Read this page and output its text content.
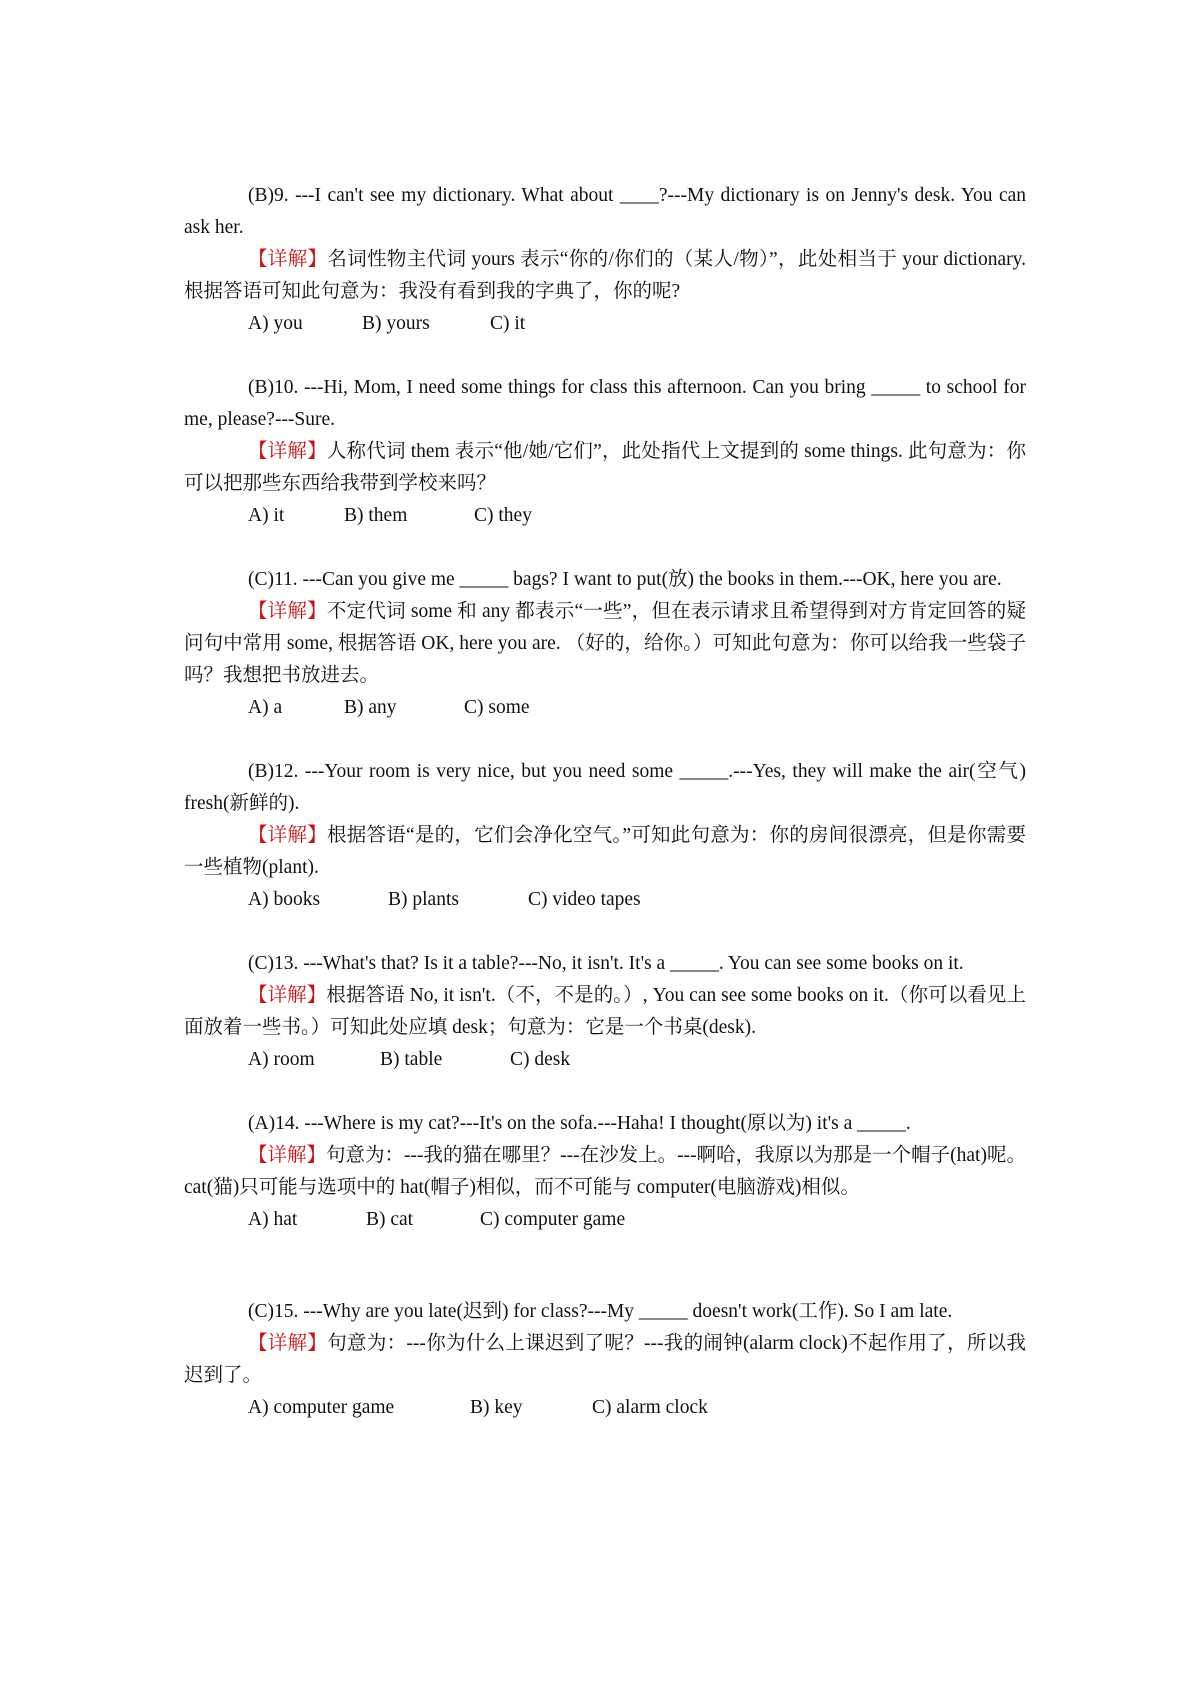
(B)9. ---I can't see my dictionary. What about ____?---My dictionary is on Jenny's desk. You can ask her.

【详解】名词性物主代词 yours 表示“你的/你们的（某人/物）”，此处相当于 your dictionary. 根据答语可知此句意为：我没有看到我的字典了，你的呢?

A) you	B) yours	C) it

(B)10. ---Hi, Mom, I need some things for class this afternoon. Can you bring _____ to school for me, please?---Sure.

【详解】人称代词 them 表示“他/她/它们”，此处指代上文提到的 some things. 此句意为：你可以把那些东西给我带到学校来吗？

A) it	B) them	C) they

(C)11. ---Can you give me _____ bags? I want to put(放) the books in them.---OK, here you are.

【详解】不定代词 some 和 any 都表示“一些”，但在表示请求且希望得到对方肯定回答的疑问句中常用 some, 根据答语 OK, here you are. （好的，给你。）可知此句意为：你可以给我一些袋子吗？我想把书放进去。

A) a	B) any	C) some

(B)12. ---Your room is very nice, but you need some _____.---Yes, they will make the air(空气) fresh(新鲜的).

【详解】根据答语“是的，它们会净化空气。”可知此句意为：你的房间很漂亮，但是你需要一些植物(plant).

A) books	B) plants	C) video tapes

(C)13. ---What's that? Is it a table?---No, it isn't. It's a _____. You can see some books on it.

【详解】根据答语 No, it isn't.（不，不是的。）, You can see some books on it.（你可以看见上面放着一些书。）可知此处应填 desk；句意为：它是一个书桌(desk).

A) room	B) table	C) desk

(A)14. ---Where is my cat?---It's on the sofa.---Haha! I thought(原以为) it's a _____.

【详解】句意为：---我的猫在哪里？---在沙发上。---啊哈，我原以为那是一个帽子(hat)呢。cat(猫)只可能与选项中的 hat(帽子)相似，而不可能与 computer(电脑游戏)相似。

A) hat	B) cat	C) computer game

(C)15. ---Why are you late(迟到) for class?---My _____ doesn't work(工作). So I am late.

【详解】句意为：---你为什么上课迟到了呢？---我的闹钟(alarm clock)不起作用了，所以我迟到了。

A) computer game	B) key	C) alarm clock
